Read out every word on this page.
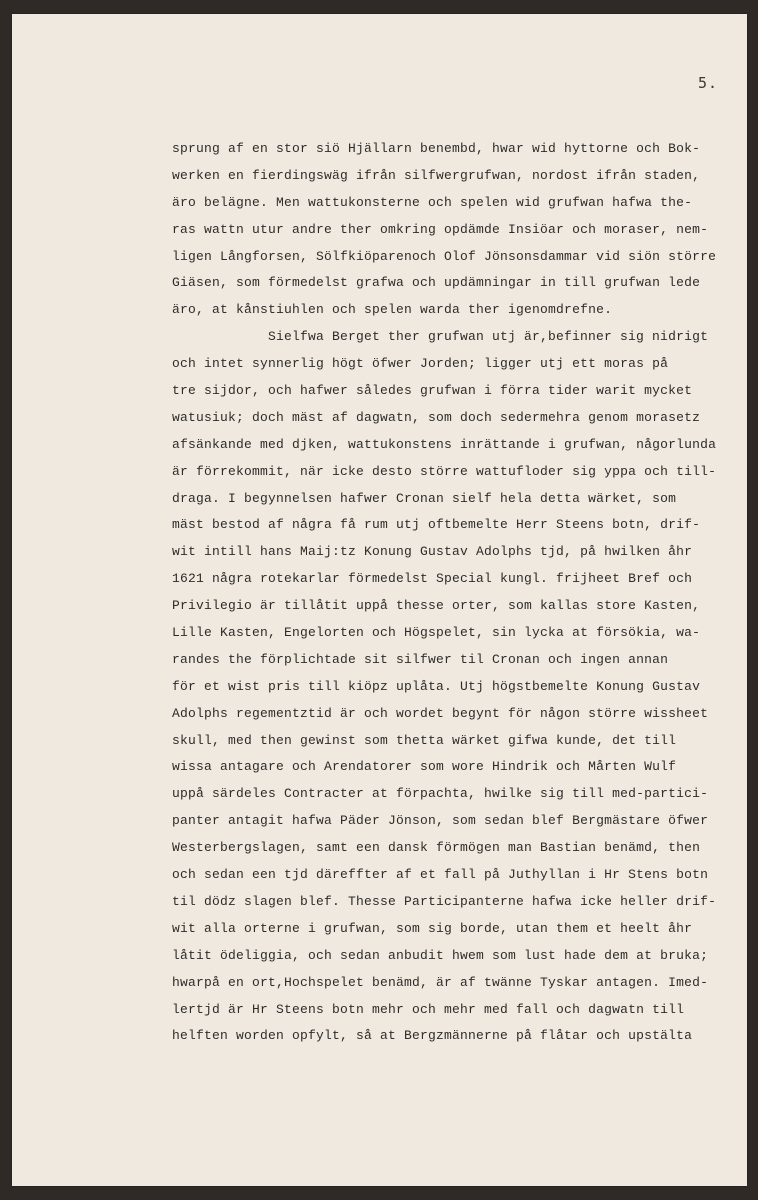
5.
sprung af en stor siö Hjällarn benembd, hwar wid hyttorne och Bok-
werken en fierdingswäg ifrån silfwergrufwan, nordost ifrån staden,
äro belägne. Men wattukonsterne och spelen wid grufwan hafwa the-
ras wattn utur andre ther omkring opdämde Insiöar och moraser, nem-
ligen Långforsen, Sölfkiöparenoch Olof Jönsonsdammar vid siön större
Giäsen, som förmedelst grafwa och updämningar in till grufwan lede
äro, at kånstiuhlen och spelen warda ther igenomdrefne.
Sielfwa Berget ther grufwan utj är,befinner sig nidrigt
och intet synnerlig högt öfwer Jorden; ligger utj ett moras på
tre sijdor, och hafwer således grufwan i förra tider warit mycket
watusiuk; doch mäst af dagwatn, som doch sedermehra genom morasetz
afsänkande med djken, wattukonstens inrättande i grufwan, någorlunda
är förrekommit, när icke desto större wattufloder sig yppa och till-
draga. I begynnelsen hafwer Cronan sielf hela detta wärket, som
mäst bestod af några få rum utj oftbemelte Herr Steens botn, drif-
wit intill hans Maij:tz Konung Gustav Adolphs tjd, på hwilken åhr
1621 några rotekarlar förmedelst Special kungl. frijheet Bref och
Privilegio är tillåtit uppå thesse orter, som kallas store Kasten,
Lille Kasten, Engelorten och Högspelet, sin lycka at försökia, wa-
randes the förplichtade sit silfwer til Cronan och ingen annan
för et wist pris till kiöpz uplåta. Utj högstbemelte Konung Gustav
Adolphs regementztid är och wordet begynt för någon större wissheet
skull, med then gewinst som thetta wärket gifwa kunde, det till
wissa antagare och Arendatorer som wore Hindrik och Mårten Wulf
uppå särdeles Contracter at förpachta, hwilke sig till med-partici-
panter antagit hafwa Päder Jönson, som sedan blef Bergmästare öfwer
Westerbergslagen, samt een dansk förmögen man Bastian benämd, then
och sedan een tjd däreffter af et fall på Juthyllan i Hr Stens botn
til dödz slagen blef. Thesse Participanterne hafwa icke heller drif-
wit alla orterne i grufwan, som sig borde, utan them et heelt åhr
låtit ödeliggia, och sedan anbudit hwem som lust hade dem at bruka;
hwarpå en ort,Hochspelet benämd, är af twänne Tyskar antagen. Imed-
lertjd är Hr Steens botn mehr och mehr med fall och dagwatn till
helften worden opfylt, så at Bergzmännerne på flåtar och upstälta
